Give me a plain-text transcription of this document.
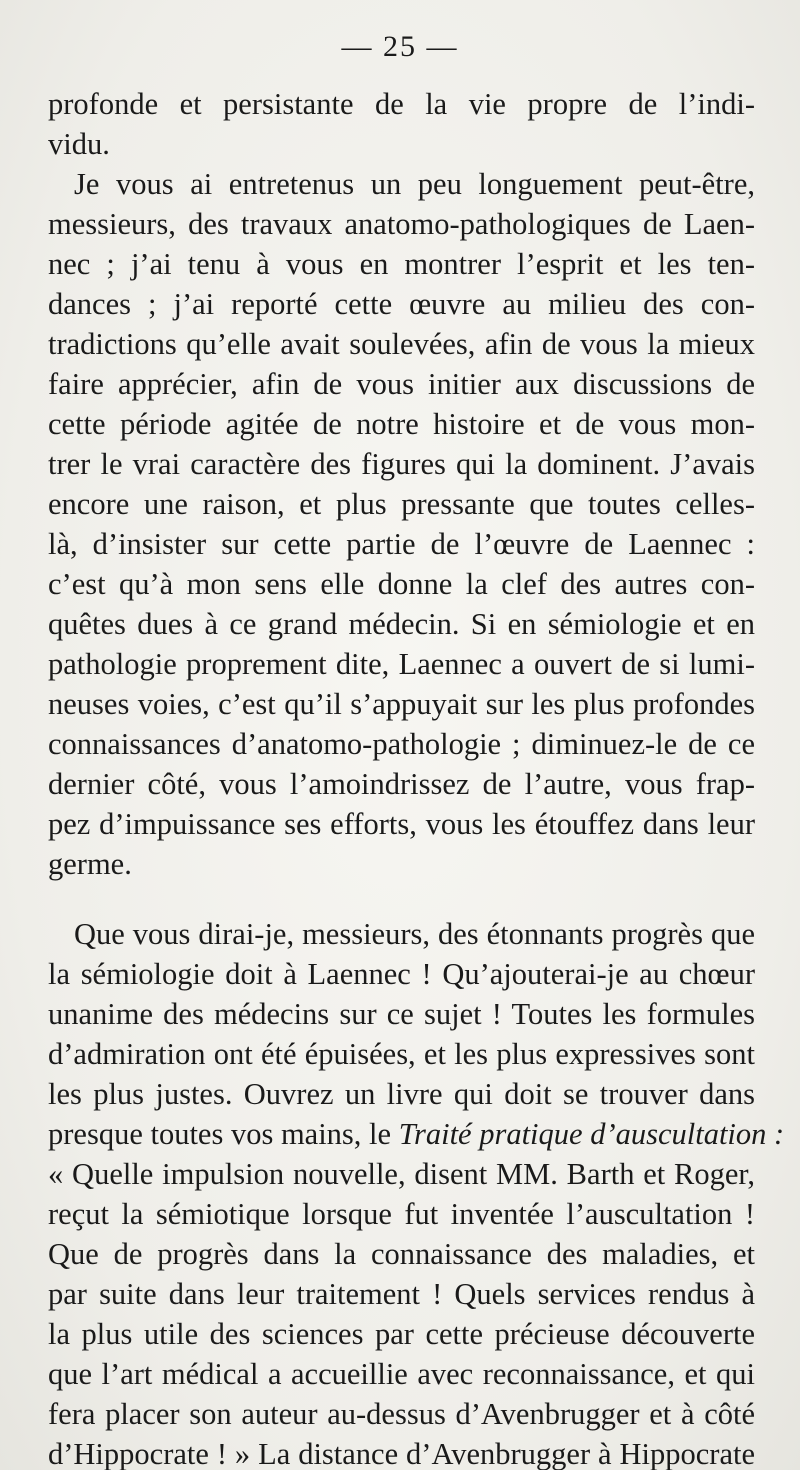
— 25 —
profonde et persistante de la vie propre de l’indi-
vidu.
Je vous ai entretenus un peu longuement peut-être,
messieurs, des travaux anatomo-pathologiques de Laen-
nec ; j’ai tenu à vous en montrer l’esprit et les ten-
dances ; j’ai reporté cette œuvre au milieu des con-
tradictions qu’elle avait soulevées, afin de vous la mieux
faire apprécier, afin de vous initier aux discussions de
cette période agitée de notre histoire et de vous mon-
trer le vrai caractère des figures qui la dominent. J’avais
encore une raison, et plus pressante que toutes celles-
là, d’insister sur cette partie de l’œuvre de Laennec :
c’est qu’à mon sens elle donne la clef des autres con-
quêtes dues à ce grand médecin. Si en sémiologie et en
pathologie proprement dite, Laennec a ouvert de si lumi-
neuses voies, c’est qu’il s’appuyait sur les plus profondes
connaissances d’anatomo-pathologie ; diminuez-le de ce
dernier côté, vous l’amoindrissez de l’autre, vous frap-
pez d’impuissance ses efforts, vous les étouffez dans leur
germe.
Que vous dirai-je, messieurs, des étonnants progrès que
la sémiologie doit à Laennec ! Qu’ajouterai-je au chœur
unanime des médecins sur ce sujet ! Toutes les formules
d’admiration ont été épuisées, et les plus expressives sont
les plus justes. Ouvrez un livre qui doit se trouver dans
presque toutes vos mains, le Traité pratique d’auscultation :
« Quelle impulsion nouvelle, disent MM. Barth et Roger,
reçut la sémiotique lorsque fut inventée l’auscultation !
Que de progrès dans la connaissance des maladies, et
par suite dans leur traitement ! Quels services rendus à
la plus utile des sciences par cette précieuse découverte
que l’art médical a accueillie avec reconnaissance, et qui
fera placer son auteur au-dessus d’Avenbrugger et à côté
d’Hippocrate ! » La distance d’Avenbrugger à Hippocrate
